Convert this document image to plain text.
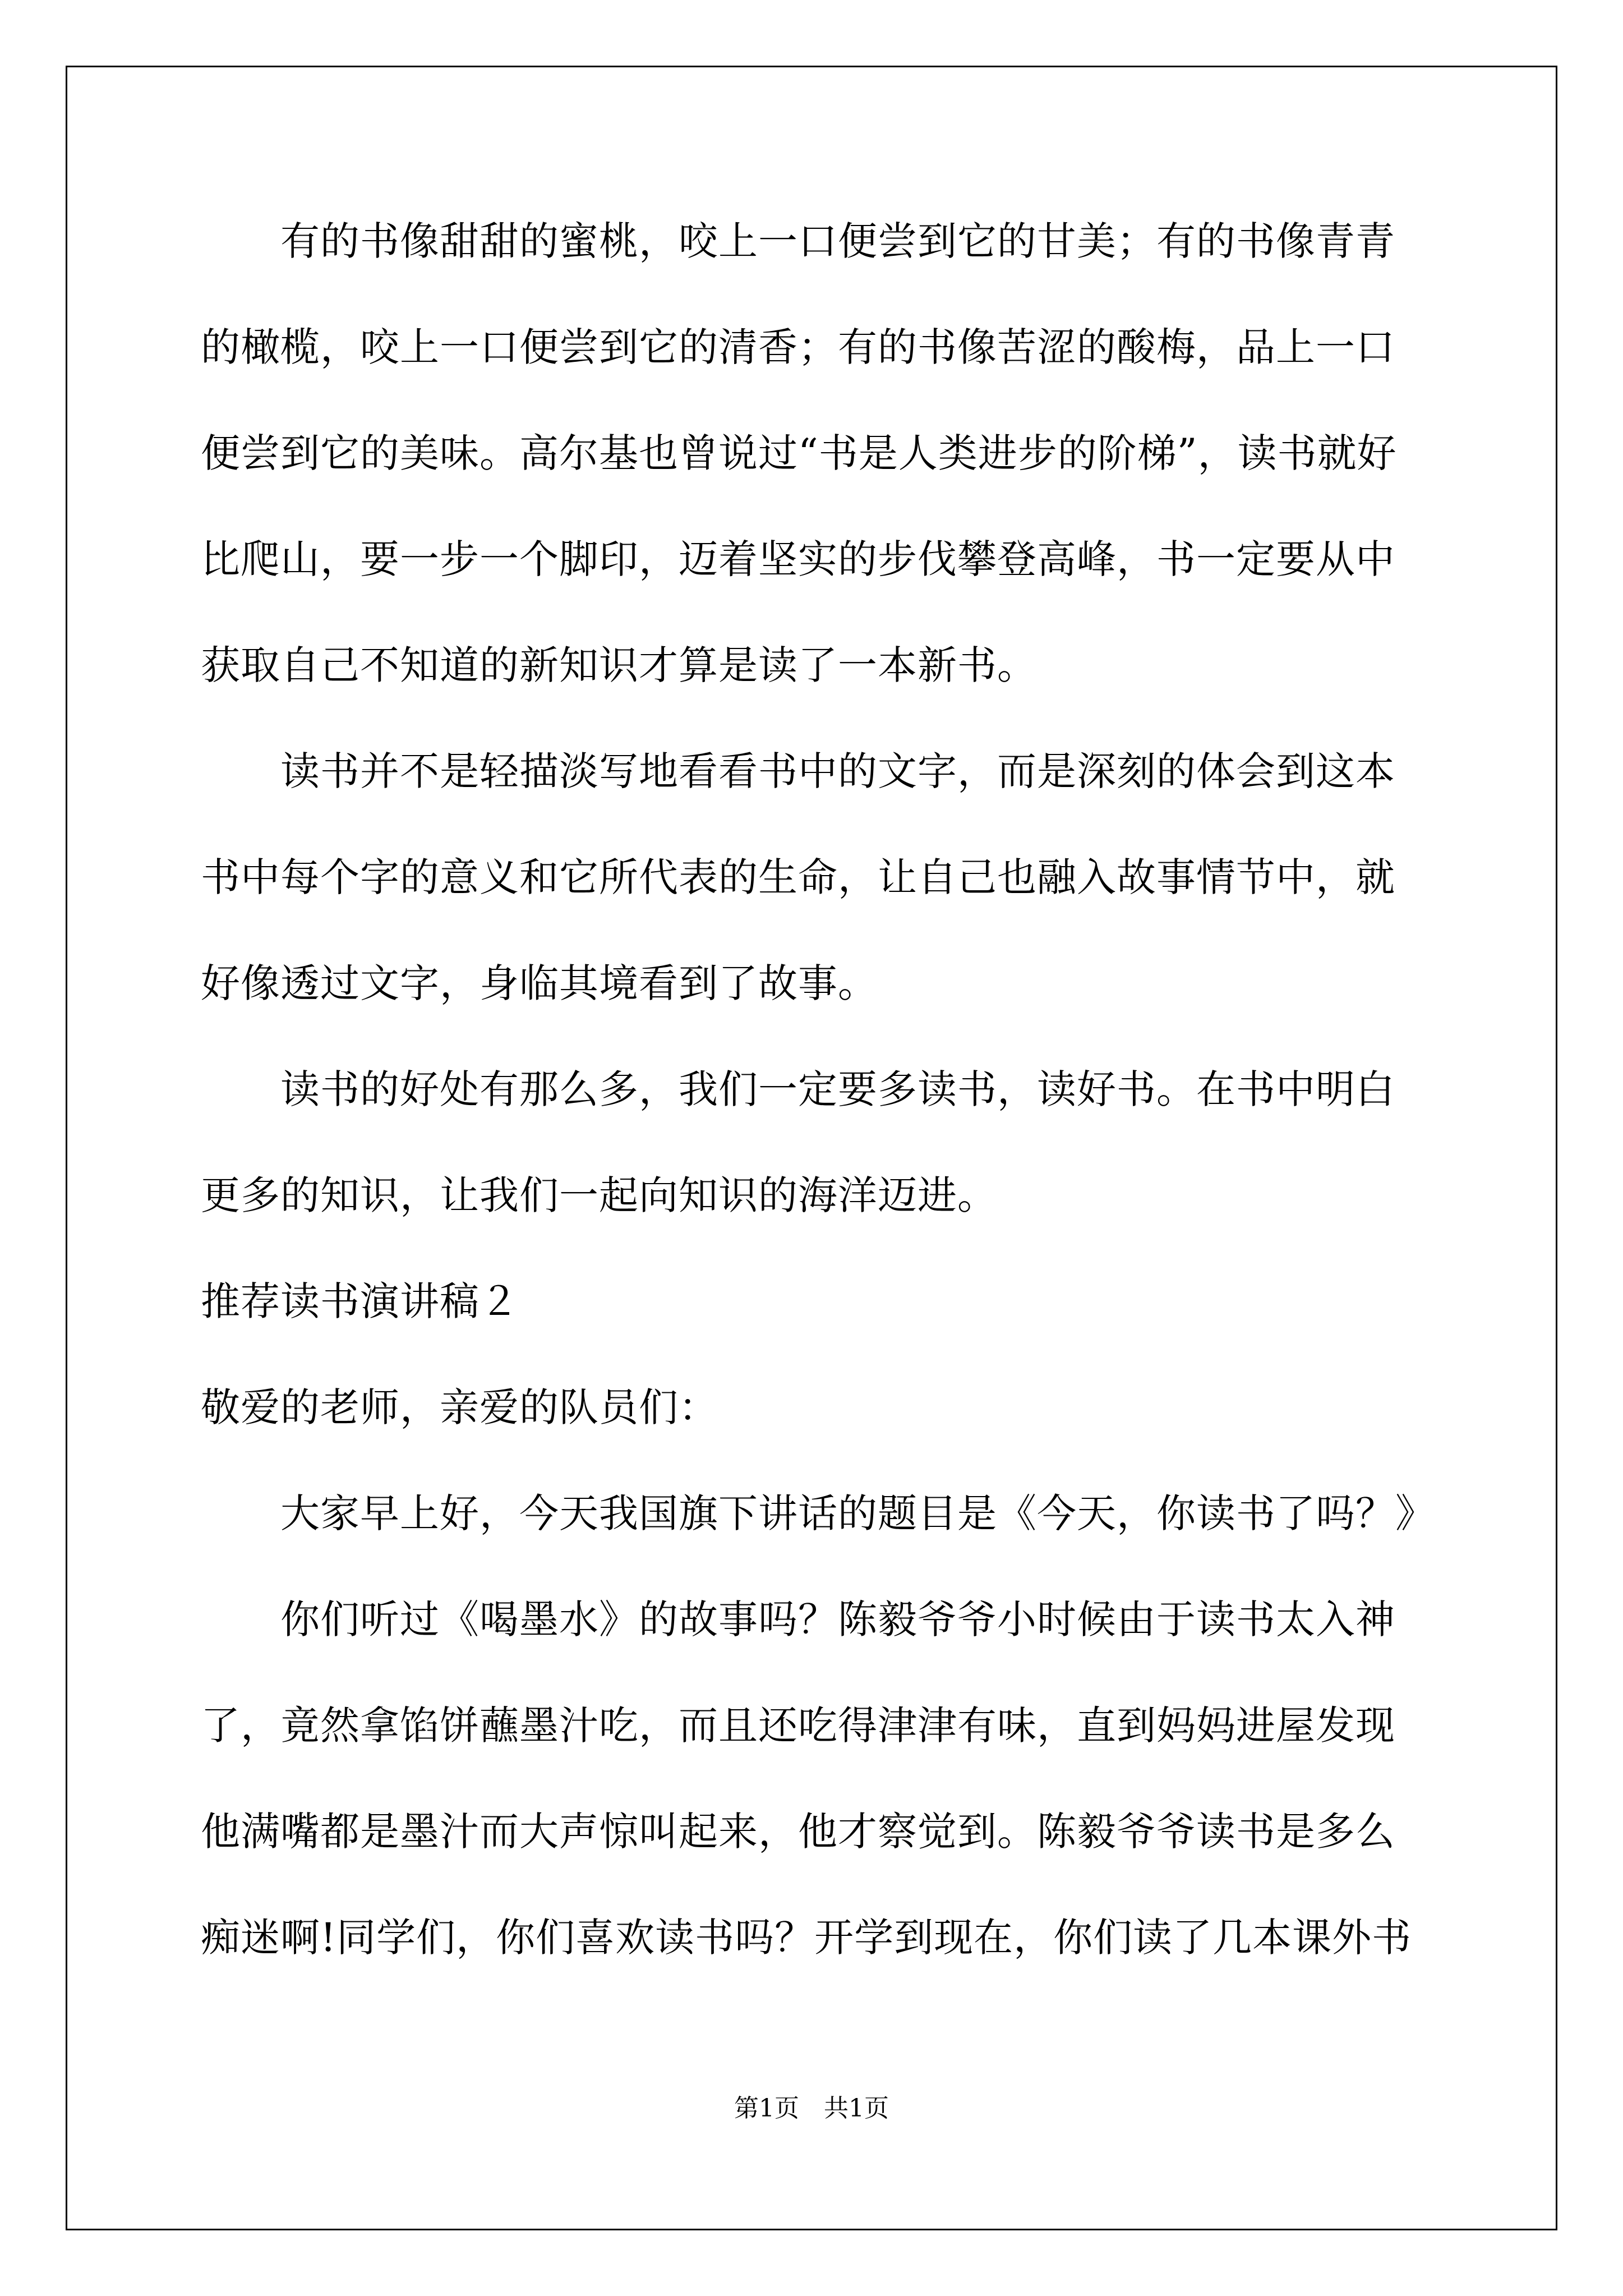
　　有的书像甜甜的蜜桃，咬上一口便尝到它的甘美；有的书像青青
的橄榄，咬上一口便尝到它的清香；有的书像苦涩的酸梅，品上一口
便尝到它的美味。高尔基也曾说过“书是人类进步的阶梯”，读书就好
比爬山，要一步一个脚印，迈着坚实的步伐攀登高峰，书一定要从中
获取自己不知道的新知识才算是读了一本新书。
　　读书并不是轻描淡写地看看书中的文字，而是深刻的体会到这本
书中每个字的意义和它所代表的生命，让自己也融入故事情节中，就
好像透过文字，身临其境看到了故事。
　　读书的好处有那么多，我们一定要多读书，读好书。在书中明白
更多的知识，让我们一起向知识的海洋迈进。
推荐读书演讲稿２
敬爱的老师，亲爱的队员们：
　　大家早上好，今天我国旗下讲话的题目是《今天，你读书了吗？》
　　你们听过《喝墨水》的故事吗？陈毅爷爷小时候由于读书太入神
了，竟然拿馅饼蘸墨汁吃，而且还吃得津津有味，直到妈妈进屋发现
他满嘴都是墨汁而大声惊叫起来，他才察觉到。陈毅爷爷读书是多么
痴迷啊!同学们，你们喜欢读书吗？开学到现在，你们读了几本课外书
第1页　共1页
